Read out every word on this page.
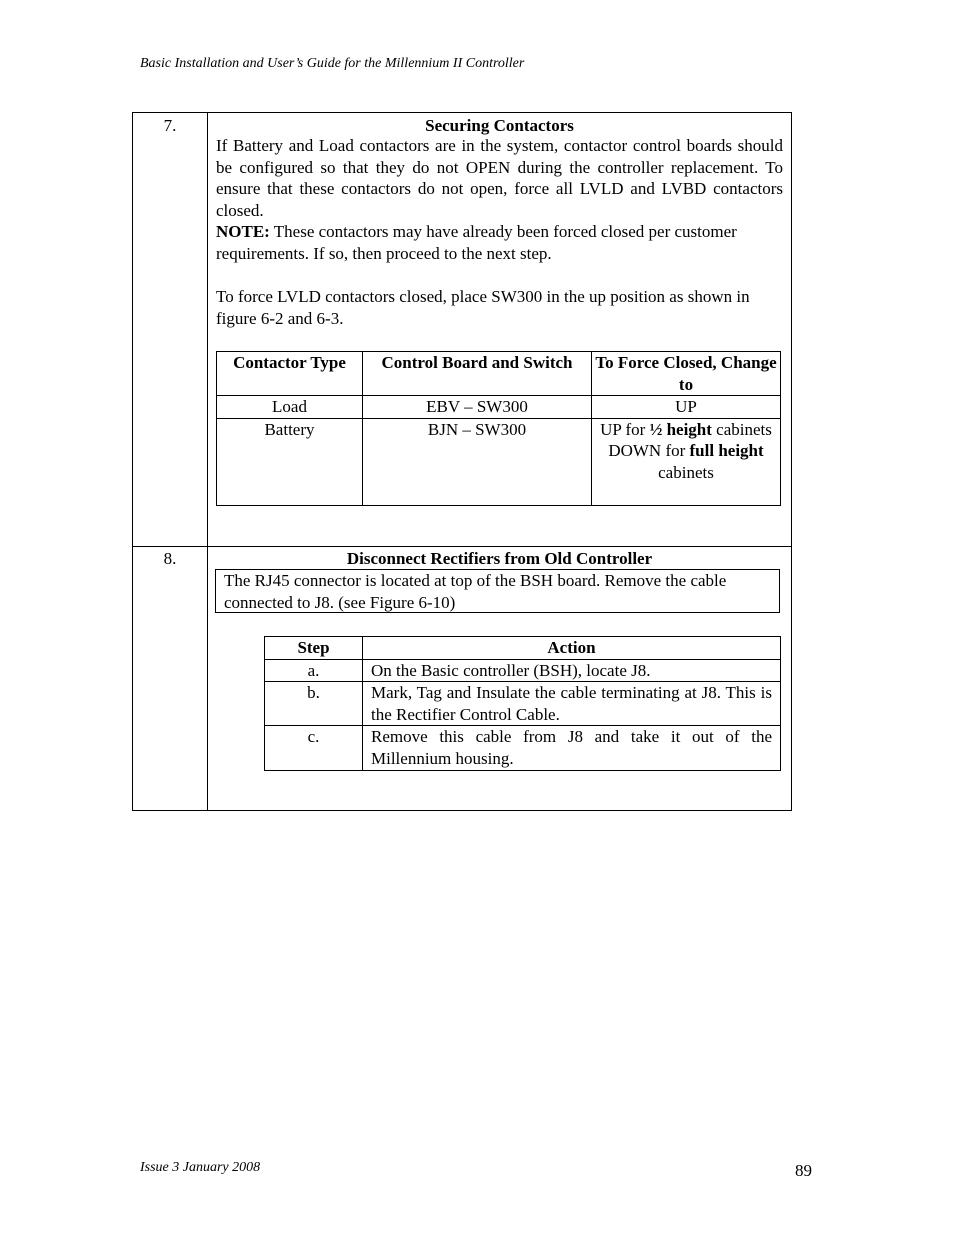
Basic Installation and User’s Guide for the Millennium II Controller
7.	Securing Contactors
If Battery and Load contactors are in the system, contactor control boards should be configured so that they do not OPEN during the controller replacement. To ensure that these contactors do not open, force all LVLD and LVBD contactors closed.
NOTE: These contactors may have already been forced closed per customer requirements. If so, then proceed to the next step.
To force LVLD contactors closed, place SW300 in the up position as shown in figure 6-2 and 6-3.
Contactor Type	Control Board and Switch	To Force Closed, Change to
Load	EBV – SW300	UP
Battery	BJN – SW300	UP for ½ height cabinets
DOWN for full height cabinets
8.	Disconnect Rectifiers from Old Controller
The RJ45 connector is located at top of the BSH board. Remove the cable connected to J8. (see Figure 6-10)
Step	Action
a.	On the Basic controller (BSH), locate J8.
b.	Mark, Tag and Insulate the cable terminating at J8. This is the Rectifier Control Cable.
c.	Remove this cable from J8 and take it out of the Millennium housing.
Issue 3 January 2008	89
